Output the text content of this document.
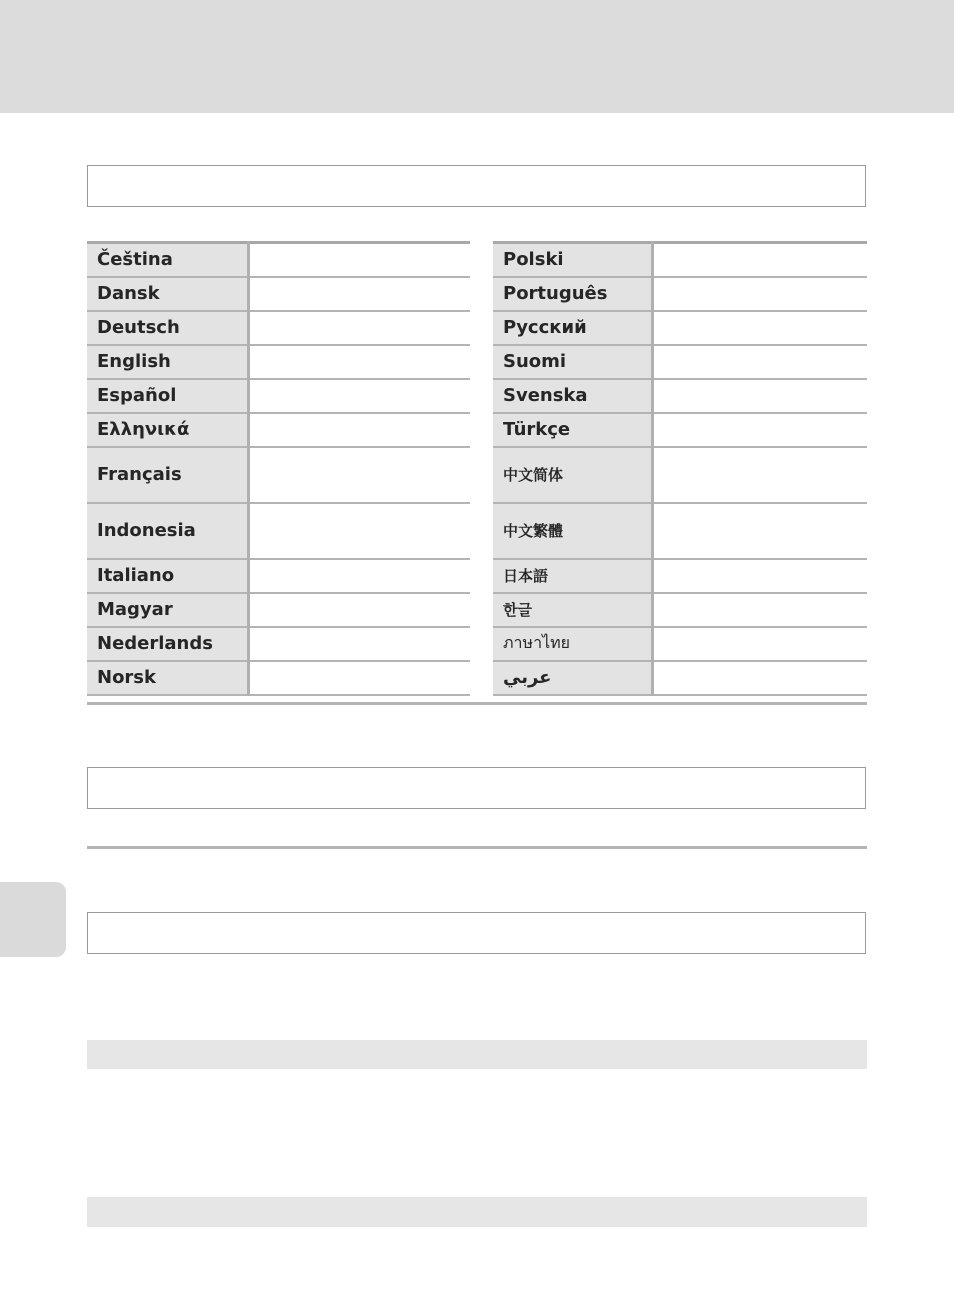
Čeština	
Dansk	
Deutsch	
English	
Español	
Ελληνικά	
Français	
Indonesia	
Italiano	
Magyar	
Nederlands	
Norsk	
Polski	
Português	
Русский	
Suomi	
Svenska	
Türkçe	
中文简体	
中文繁體	
日本語	
한글	
ภาษาไทย	
عربي	
